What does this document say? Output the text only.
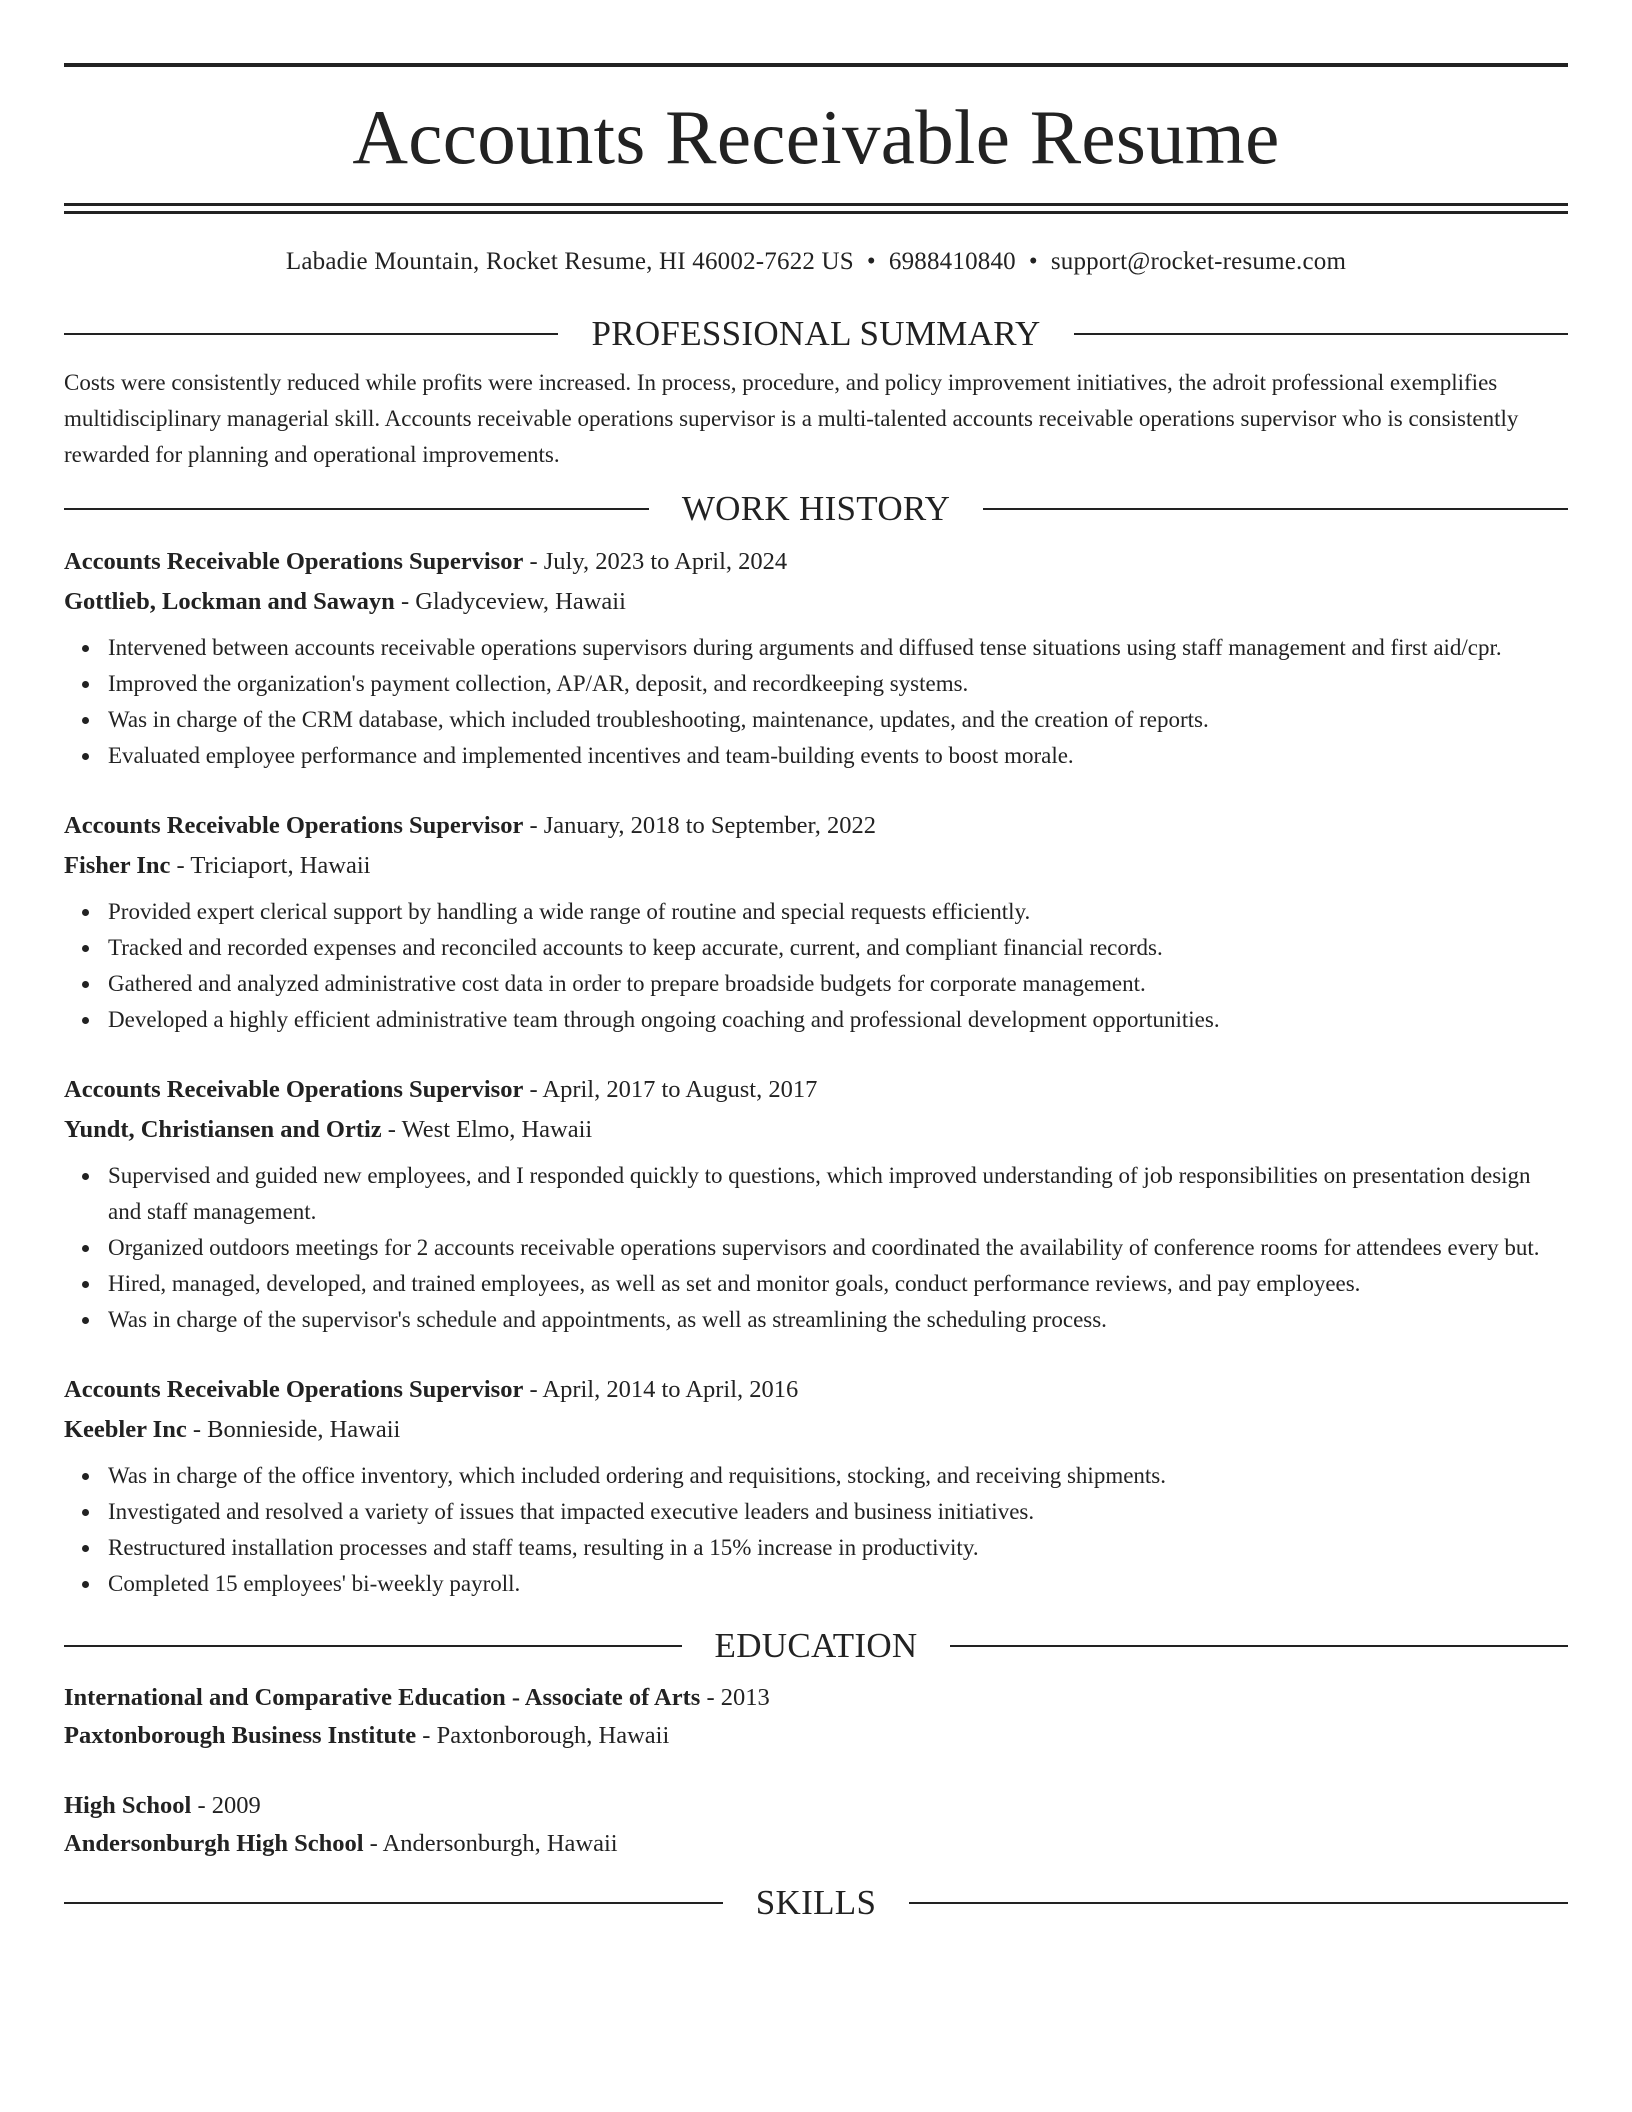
Accounts Receivable Resume
Labadie Mountain, Rocket Resume, HI 46002-7622 US • 6988410840 • support@rocket-resume.com
PROFESSIONAL SUMMARY
Costs were consistently reduced while profits were increased. In process, procedure, and policy improvement initiatives, the adroit professional exemplifies multidisciplinary managerial skill. Accounts receivable operations supervisor is a multi-talented accounts receivable operations supervisor who is consistently rewarded for planning and operational improvements.
WORK HISTORY
Accounts Receivable Operations Supervisor - July, 2023 to April, 2024
Gottlieb, Lockman and Sawayn - Gladyceview, Hawaii
Intervened between accounts receivable operations supervisors during arguments and diffused tense situations using staff management and first aid/cpr.
Improved the organization's payment collection, AP/AR, deposit, and recordkeeping systems.
Was in charge of the CRM database, which included troubleshooting, maintenance, updates, and the creation of reports.
Evaluated employee performance and implemented incentives and team-building events to boost morale.
Accounts Receivable Operations Supervisor - January, 2018 to September, 2022
Fisher Inc - Triciaport, Hawaii
Provided expert clerical support by handling a wide range of routine and special requests efficiently.
Tracked and recorded expenses and reconciled accounts to keep accurate, current, and compliant financial records.
Gathered and analyzed administrative cost data in order to prepare broadside budgets for corporate management.
Developed a highly efficient administrative team through ongoing coaching and professional development opportunities.
Accounts Receivable Operations Supervisor - April, 2017 to August, 2017
Yundt, Christiansen and Ortiz - West Elmo, Hawaii
Supervised and guided new employees, and I responded quickly to questions, which improved understanding of job responsibilities on presentation design and staff management.
Organized outdoors meetings for 2 accounts receivable operations supervisors and coordinated the availability of conference rooms for attendees every but.
Hired, managed, developed, and trained employees, as well as set and monitor goals, conduct performance reviews, and pay employees.
Was in charge of the supervisor's schedule and appointments, as well as streamlining the scheduling process.
Accounts Receivable Operations Supervisor - April, 2014 to April, 2016
Keebler Inc - Bonnieside, Hawaii
Was in charge of the office inventory, which included ordering and requisitions, stocking, and receiving shipments.
Investigated and resolved a variety of issues that impacted executive leaders and business initiatives.
Restructured installation processes and staff teams, resulting in a 15% increase in productivity.
Completed 15 employees' bi-weekly payroll.
EDUCATION
International and Comparative Education - Associate of Arts - 2013
Paxtonborough Business Institute - Paxtonborough, Hawaii
High School - 2009
Andersonburgh High School - Andersonburgh, Hawaii
SKILLS
